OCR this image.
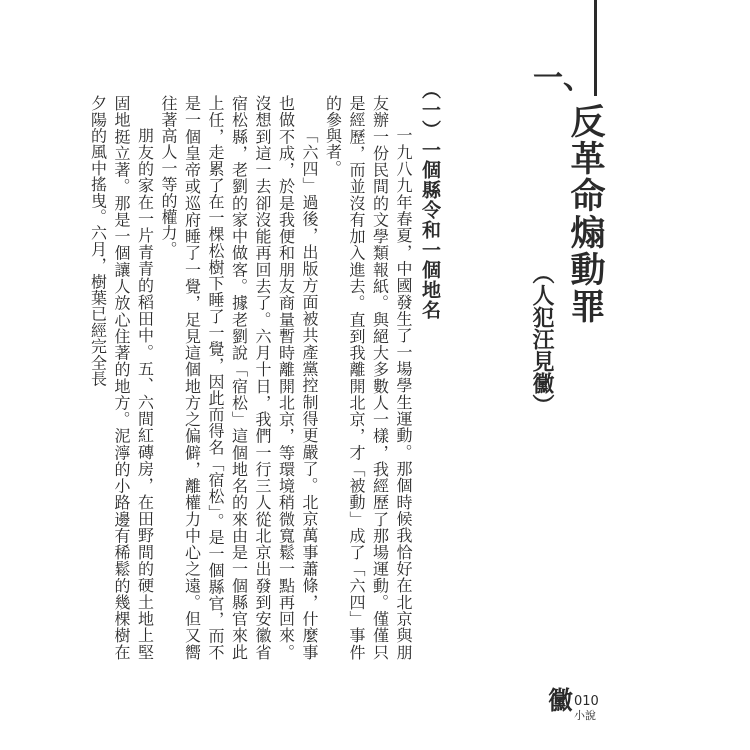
一、
反革命煽動罪
（人犯汪見黴）
（一）一個縣令和一個地名

一九八九年春夏，中國發生了一場學生運動。那個時候我恰好在北京與朋友辦一份民間的文學類報紙。與絕大多數人一樣，我經歷了那場運動。僅僅只是經歷，而並沒有加入進去。直到我離開北京，才「被動」成了「六四」事件的參與者。

「六四」過後，出版方面被共產黨控制得更嚴了。北京萬事蕭條，什麼事也做不成，於是我便和朋友商量暫時離開北京，等環境稍微寬鬆一點再回來。沒想到這一去卻沒能再回去了。六月十日，我們一行三人從北京出發到安徽省宿松縣，老劉的家中做客。據老劉說「宿松」這個地名的來由是一個縣官來此上任，走累了在一棵松樹下睡了一覺，因此而得名「宿松」。是一個縣官，而不是一個皇帝或巡府睡了一覺，足見這個地方之偏僻，離權力中心之遠。但又嚮往著高人一等的權力。

朋友的家在一片青青的稻田中。五、六間紅磚房，在田野間的硬土地上堅固地挺立著。那是一個讓人放心住著的地方。泥濘的小路邊有稀鬆的幾棵樹在夕陽的風中搖曳。六月，樹葉已經完全長

黴 010
小說
